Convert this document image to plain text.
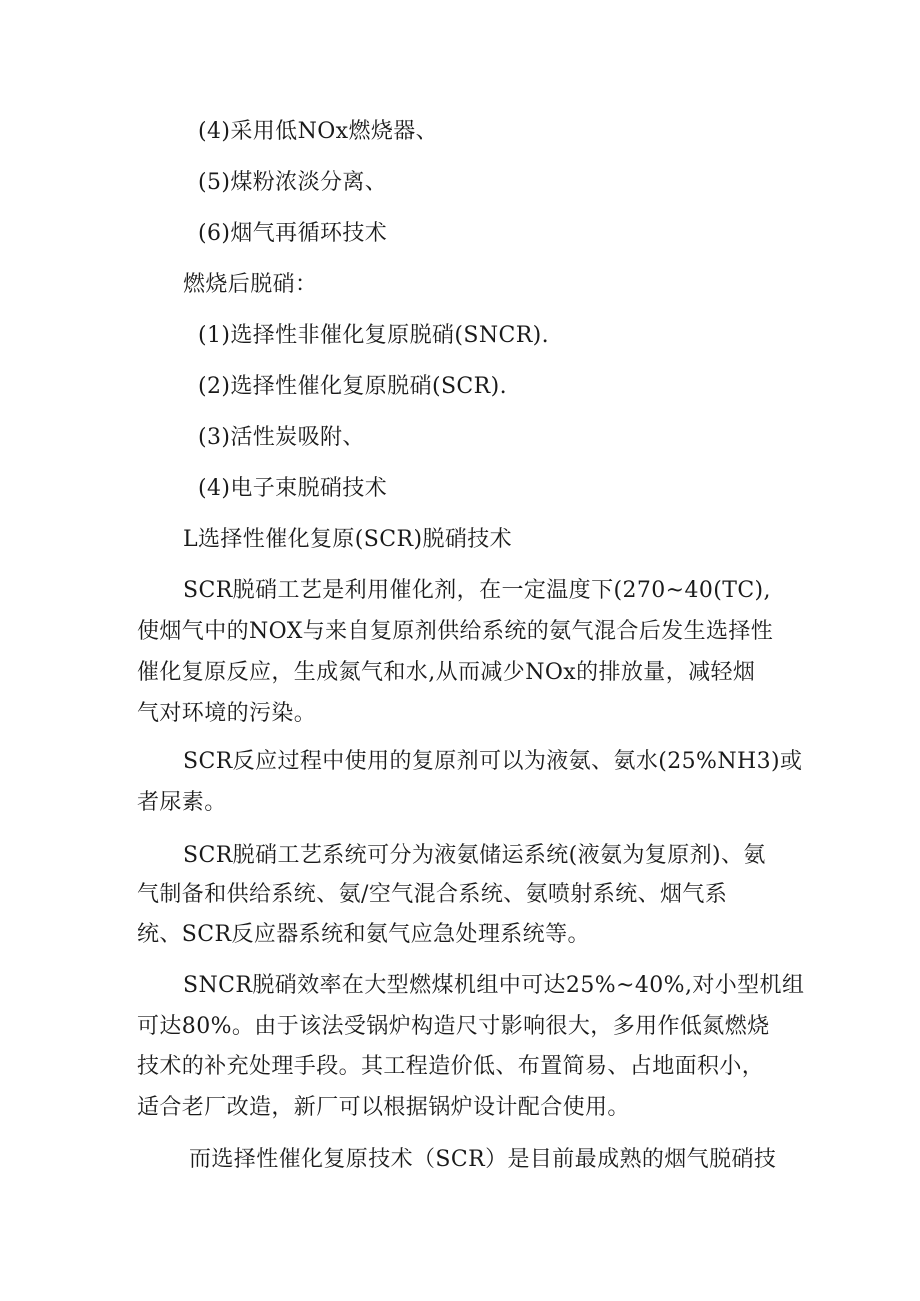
(4)采用低NOx燃烧器、

(5)煤粉浓淡分离、

(6)烟气再循环技术

燃烧后脱硝：

(1)选择性非催化复原脱硝(SNCR).

(2)选择性催化复原脱硝(SCR).

(3)活性炭吸附、

(4)电子束脱硝技术

L选择性催化复原(SCR)脱硝技术

SCR脱硝工艺是利用催化剂，在一定温度下(270~40(TC),

使烟气中的NOX与来自复原剂供给系统的氨气混合后发生选择性

催化复原反应，生成氮气和水,从而减少NOx的排放量，减轻烟

气对环境的污染。

SCR反应过程中使用的复原剂可以为液氨、氨水(25%NH3)或

者尿素。

SCR脱硝工艺系统可分为液氨储运系统(液氨为复原剂)、氨

气制备和供给系统、氨/空气混合系统、氨喷射系统、烟气系

统、SCR反应器系统和氨气应急处理系统等。

SNCR脱硝效率在大型燃煤机组中可达25%~40%,对小型机组

可达80%。由于该法受锅炉构造尺寸影响很大，多用作低氮燃烧

技术的补充处理手段。其工程造价低、布置简易、占地面积小，

适合老厂改造，新厂可以根据锅炉设计配合使用。

而选择性催化复原技术（SCR）是目前最成熟的烟气脱硝技
